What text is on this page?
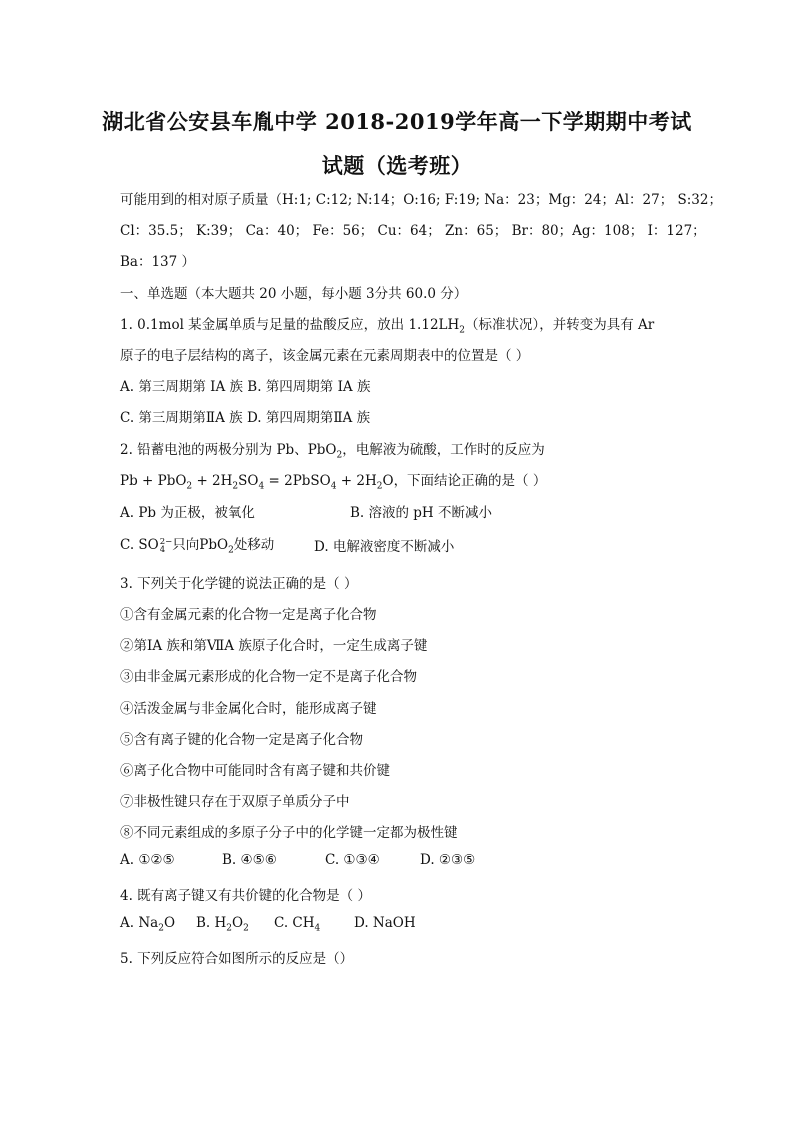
湖北省公安县车胤中学 2018-2019学年高一下学期期中考试
试题（选考班）
可能用到的相对原子质量（H:1; C:12; N:14；O:16; F:19; Na：23；Mg：24；Al：27； S:32；
Cl：35.5； K:39； Ca：40； Fe：56； Cu：64； Zn：65； Br：80；Ag：108； I：127；
Ba：137 ）
一、单选题（本大题共 20 小题，每小题 3分共 60.0 分）
1. 0.1mol 某金属单质与足量的盐酸反应，放出 $1.12LH_2$（标准状况），并转变为具有 Ar
原子的电子层结构的离子，该金属元素在元素周期表中的位置是（ ）
A. 第三周期第 IA 族 B. 第四周期第 IA 族
C. 第三周期第ⅡA 族 D. 第四周期第ⅡA 族
2. 铅蓄电池的两极分别为 Pb、PbO$_2$，电解液为硫酸，工作时的反应为
$Pb + PbO_2 + 2H_2SO_4$ = 2PbSO$_4$ + $2H_2O$，下面结论正确的是（ ）
A. Pb 为正极，被氧化	B. 溶液的 pH 不断减小
C. SO 2−
4 只向PbO$_2$处移动	D. 电解液密度不断减小
3. 下列关于化学键的说法正确的是（ ）
①含有金属元素的化合物一定是离子化合物
②第ⅠA 族和第ⅦA 族原子化合时，一定生成离子键
③由非金属元素形成的化合物一定不是离子化合物
④活泼金属与非金属化合时，能形成离子键
⑤含有离子键的化合物一定是离子化合物
⑥离子化合物中可能同时含有离子键和共价键
⑦非极性键只存在于双原子单质分子中
⑧不同元素组成的多原子分子中的化学键一定都为极性键
A. ①②⑤	B. ④⑤⑥	C. ①③④	D. ②③⑤
4. 既有离子键又有共价键的化合物是（ ）
A. $Na_2O$ B. $H_2O_2$ C. $CH_4$ D. NaOH
5. 下列反应符合如图所示的反应是（）
